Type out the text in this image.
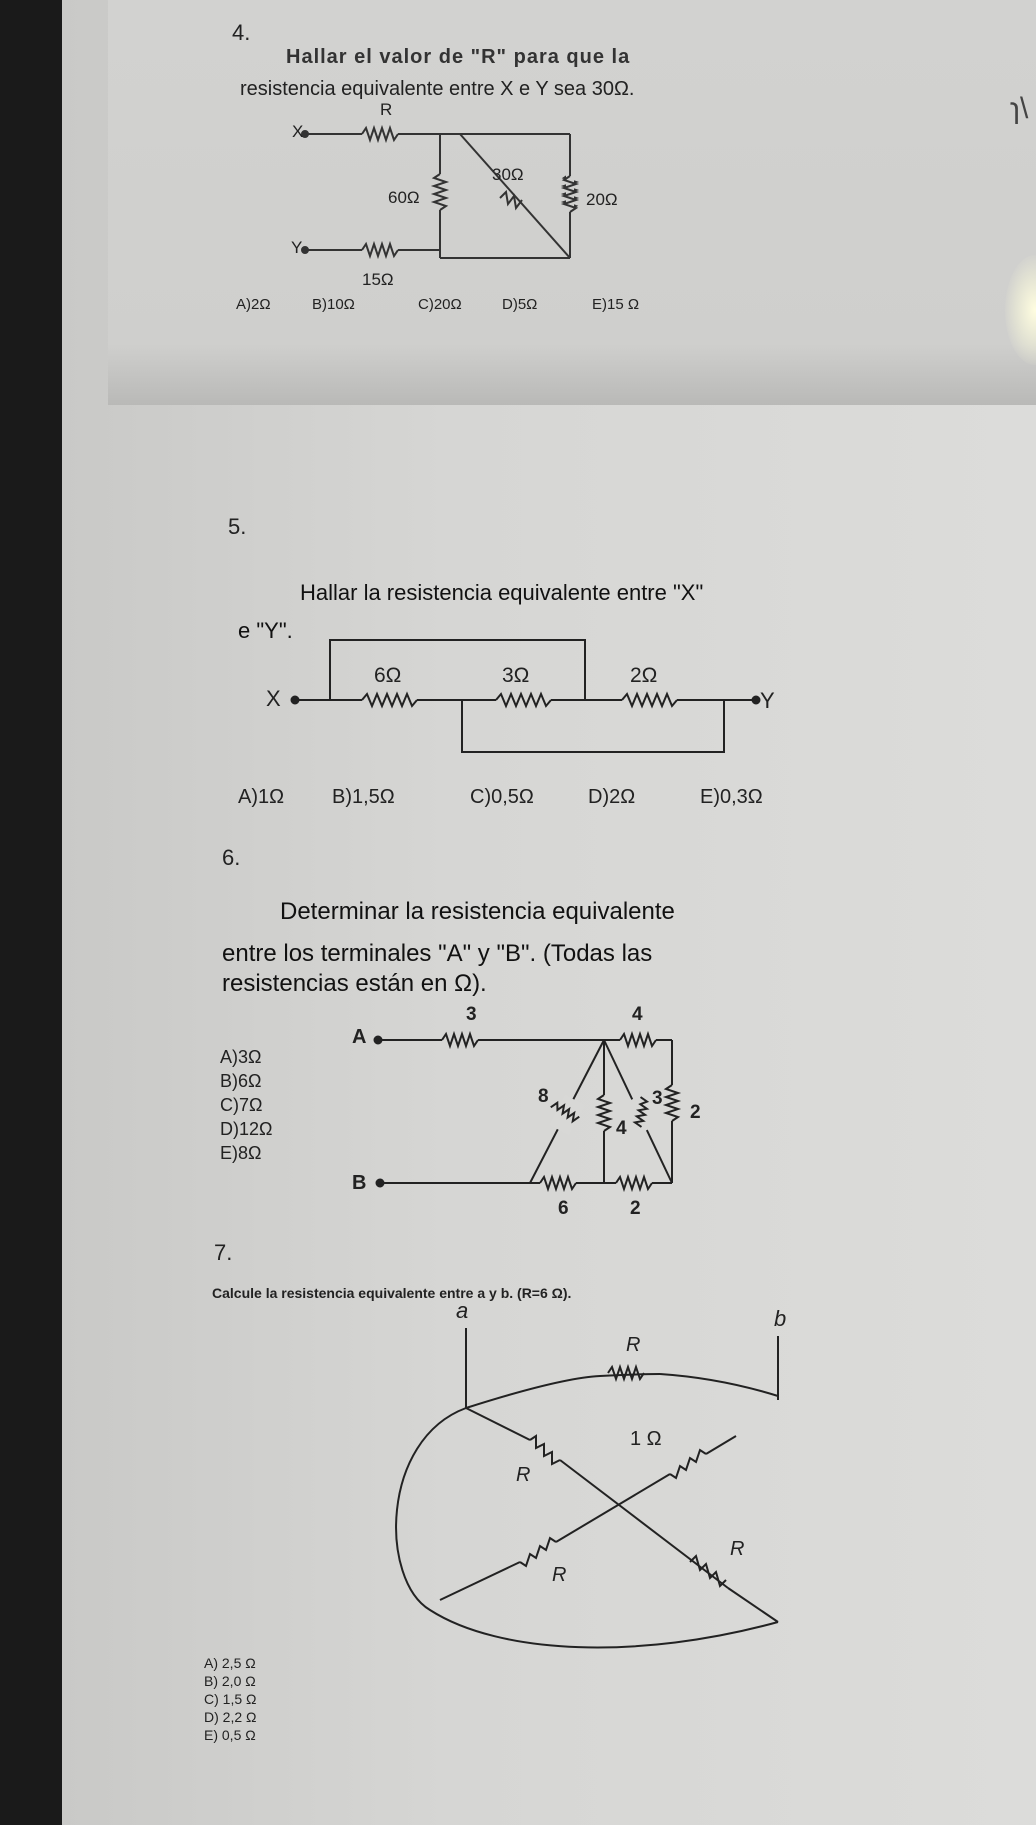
4.
Hallar el valor de "R" para que la
resistencia equivalente entre X e Y sea 30Ω.
X
Y
R
60Ω
30Ω
20Ω
15Ω
A)2Ω	B)10Ω	C)20Ω	D)5Ω	E)15 Ω
ɿ\
5.
Hallar la resistencia equivalente entre "X"
e "Y".
X	Y
6Ω	3Ω	2Ω
A)1Ω B)1,5Ω	C)0,5Ω	D)2Ω	E)0,3Ω
6.
Determinar la resistencia equivalente
entre los terminales "A" y "B". (Todas las
resistencias están en Ω).
A
B
3	4
8
4
3
2
6	2
A)3Ω
B)6Ω
C)7Ω
D)12Ω
E)8Ω
7.
Calcule la resistencia equivalente entre a y b. (R=6 Ω).
a	b
R
1 Ω
R
R
R
A) 2,5 Ω
B) 2,0 Ω
C) 1,5 Ω
D) 2,2 Ω
E) 0,5 Ω
